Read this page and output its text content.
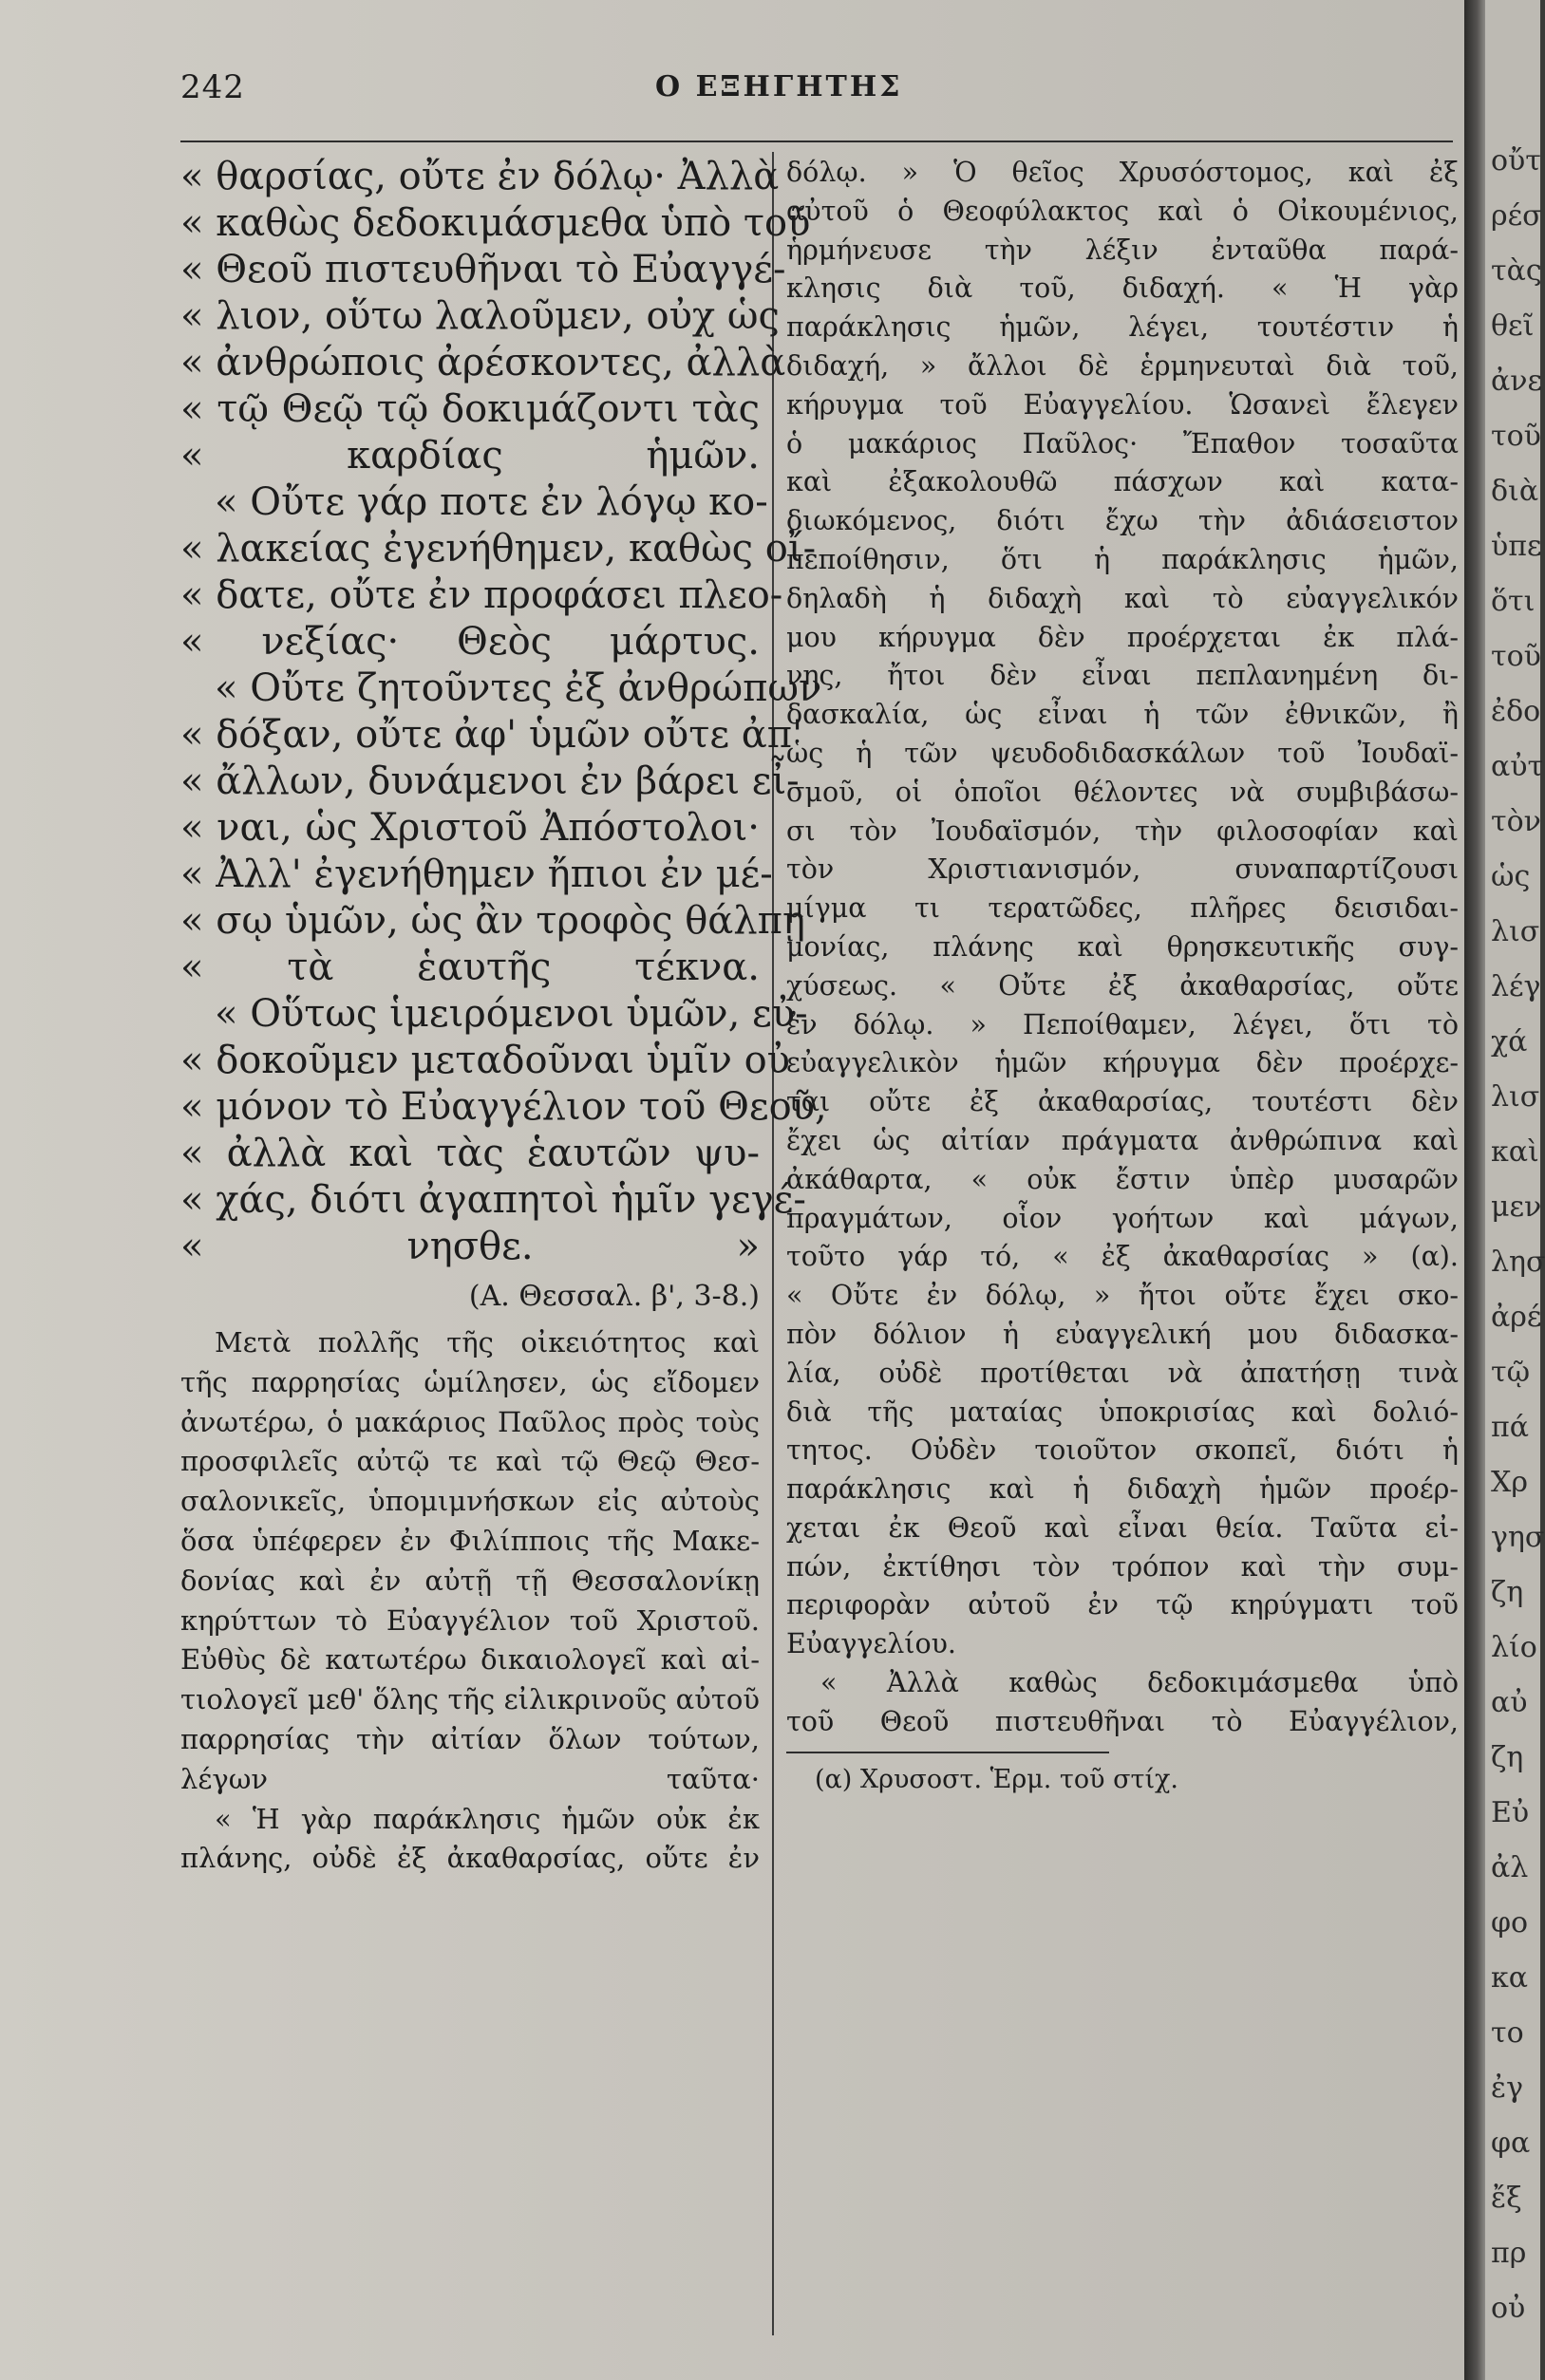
242	Ο ΕΞΗΓΗΤΗΣ
« θαρσίας, οὔτε ἐν δόλῳ· Ἀλλὰ
« καθὼς δεδοκιμάσμεθα ὑπὸ τοῦ
« Θεοῦ πιστευθῆναι τὸ Εὐαγγέ-
« λιον, οὕτω λαλοῦμεν, οὐχ ὡς
« ἀνθρώποις ἀρέσκοντες, ἀλλὰ
« τῷ Θεῷ τῷ δοκιμάζοντι τὰς
« καρδίας ἡμῶν.
« Οὔτε γάρ ποτε ἐν λόγῳ κο-
« λακείας ἐγενήθημεν, καθὼς οἴ-
« δατε, οὔτε ἐν προφάσει πλεο-
« νεξίας· Θεὸς μάρτυς.
« Οὔτε ζητοῦντες ἐξ ἀνθρώπων
« δόξαν, οὔτε ἀφ' ὑμῶν οὔτε ἀπ'
« ἄλλων, δυνάμενοι ἐν βάρει εἶ-
« ναι, ὡς Χριστοῦ Ἀπόστολοι·
« Ἀλλ' ἐγενήθημεν ἤπιοι ἐν μέ-
« σῳ ὑμῶν, ὡς ἂν τροφὸς θάλπῃ
« τὰ ἑαυτῆς τέκνα.
« Οὕτως ἱμειρόμενοι ὑμῶν, εὐ-
« δοκοῦμεν μεταδοῦναι ὑμῖν οὐ
« μόνον τὸ Εὐαγγέλιον τοῦ Θεοῦ,
« ἀλλὰ καὶ τὰς ἑαυτῶν ψυ-
« χάς, διότι ἀγαπητοὶ ἡμῖν γεγέ-
« νησθε. »
(Α. Θεσσαλ. β', 3-8.)
Μετὰ πολλῆς τῆς οἰκειότητος καὶ
τῆς παρρησίας ὡμίλησεν, ὡς εἴδομεν
ἀνωτέρω, ὁ μακάριος Παῦλος πρὸς τοὺς
προσφιλεῖς αὐτῷ τε καὶ τῷ Θεῷ Θεσ-
σαλονικεῖς, ὑπομιμνήσκων εἰς αὐτοὺς
ὅσα ὑπέφερεν ἐν Φιλίπποις τῆς Μακε-
δονίας καὶ ἐν αὐτῇ τῇ Θεσσαλονίκῃ
κηρύττων τὸ Εὐαγγέλιον τοῦ Χριστοῦ.
Εὐθὺς δὲ κατωτέρω δικαιολογεῖ καὶ αἰ-
τιολογεῖ μεθ' ὅλης τῆς εἰλικρινοῦς αὐτοῦ
παρρησίας τὴν αἰτίαν ὅλων τούτων,
λέγων ταῦτα·
« Ἡ γὰρ παράκλησις ἡμῶν οὐκ ἐκ
πλάνης, οὐδὲ ἐξ ἀκαθαρσίας, οὔτε ἐν
δόλῳ. » Ὁ θεῖος Χρυσόστομος, καὶ ἐξ
αὐτοῦ ὁ Θεοφύλακτος καὶ ὁ Οἰκουμένιος,
ἡρμήνευσε τὴν λέξιν ἐνταῦθα παρά-
κλησις διὰ τοῦ, διδαχή. « Ἡ γὰρ
παράκλησις ἡμῶν, λέγει, τουτέστιν ἡ
διδαχή, » ἄλλοι δὲ ἑρμηνευταὶ διὰ τοῦ,
κήρυγμα τοῦ Εὐαγγελίου. Ὡσανεὶ ἔλεγεν
ὁ μακάριος Παῦλος· Ἔπαθον τοσαῦτα
καὶ ἐξακολουθῶ πάσχων καὶ κατα-
διωκόμενος, διότι ἔχω τὴν ἀδιάσειστον
πεποίθησιν, ὅτι ἡ παράκλησις ἡμῶν,
δηλαδὴ ἡ διδαχὴ καὶ τὸ εὐαγγελικόν
μου κήρυγμα δὲν προέρχεται ἐκ πλά-
νης, ἤτοι δὲν εἶναι πεπλανημένη δι-
δασκαλία, ὡς εἶναι ἡ τῶν ἐθνικῶν, ἢ
ὡς ἡ τῶν ψευδοδιδασκάλων τοῦ Ἰουδαϊ-
σμοῦ, οἱ ὁποῖοι θέλοντες νὰ συμβιβάσω-
σι τὸν Ἰουδαϊσμόν, τὴν φιλοσοφίαν καὶ
τὸν Χριστιανισμόν, συναπαρτίζουσι
μίγμα τι τερατῶδες, πλῆρες δεισιδαι-
μονίας, πλάνης καὶ θρησκευτικῆς συγ-
χύσεως. « Οὔτε ἐξ ἀκαθαρσίας, οὔτε
ἐν δόλῳ. » Πεποίθαμεν, λέγει, ὅτι τὸ
εὐαγγελικὸν ἡμῶν κήρυγμα δὲν προέρχε-
ται οὔτε ἐξ ἀκαθαρσίας, τουτέστι δὲν
ἔχει ὡς αἰτίαν πράγματα ἀνθρώπινα καὶ
ἀκάθαρτα, « οὐκ ἔστιν ὑπὲρ μυσαρῶν
πραγμάτων, οἷον γοήτων καὶ μάγων,
τοῦτο γάρ τό, « ἐξ ἀκαθαρσίας » (α).
« Οὔτε ἐν δόλῳ, » ἤτοι οὔτε ἔχει σκο-
πὸν δόλιον ἡ εὐαγγελική μου διδασκα-
λία, οὐδὲ προτίθεται νὰ ἀπατήσῃ τινὰ
διὰ τῆς ματαίας ὑποκρισίας καὶ δολιό-
τητος. Οὐδὲν τοιοῦτον σκοπεῖ, διότι ἡ
παράκλησις καὶ ἡ διδαχὴ ἡμῶν προέρ-
χεται ἐκ Θεοῦ καὶ εἶναι θεία. Ταῦτα εἰ-
πών, ἐκτίθησι τὸν τρόπον καὶ τὴν συμ-
περιφορὰν αὐτοῦ ἐν τῷ κηρύγματι τοῦ
Εὐαγγελίου.
« Ἀλλὰ καθὼς δεδοκιμάσμεθα ὑπὸ
τοῦ Θεοῦ πιστευθῆναι τὸ Εὐαγγέλιον,
(α) Χρυσοστ. Ἑρμ. τοῦ στίχ.
οὔτ
ρέσ
τὰς
θεῖ
ἀνε
τοῦ
διὰ
ὑπε
ὅτι
τοῦ
ἐδο
αὐτ
τὸν
ὡς
λισ
λέγ
χά
λισ
καὶ
μεν
λησ
ἀρέ
τῷ
πά
Χρ
γησ
ζη
λίο
αὐ
ζη
Εὐ
ἀλ
φο
κα
το
ἐγ
φα
ἔξ
πρ
οὐ
